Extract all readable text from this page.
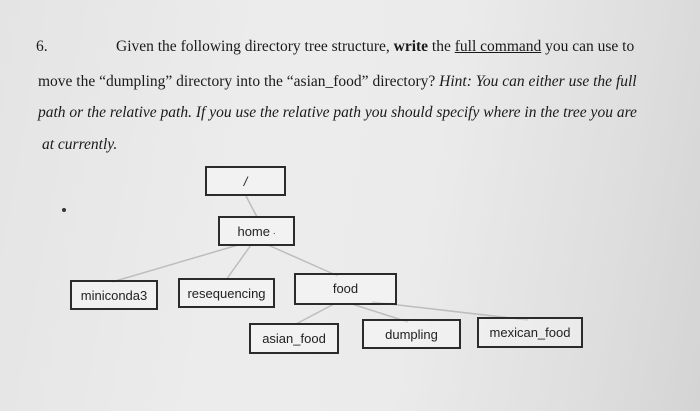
6.	Given the following directory tree structure, write the full command you can use to
move the “dumpling” directory into the “asian_food” directory? Hint: You can either use the full
path or the relative path. If you use the relative path you should specify where in the tree you are
at currently.
/
home .
miniconda3	resequencing	food
asian_food	dumpling	mexican_food
